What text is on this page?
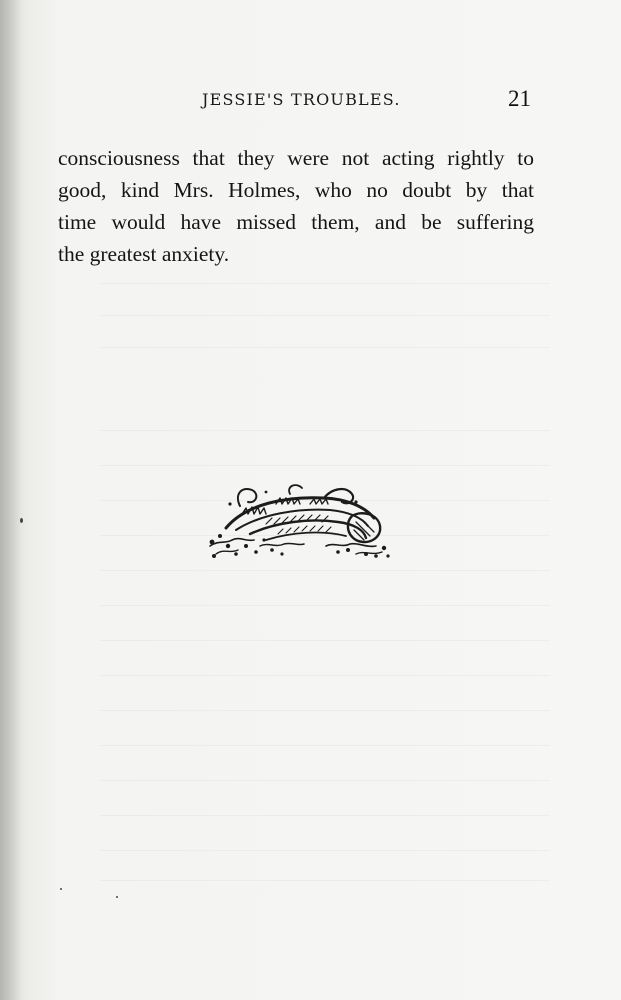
JESSIE'S TROUBLES.	21
consciousness that they were not acting rightly to
good, kind Mrs. Holmes, who no doubt by that
time would have missed them, and be suffering
the greatest anxiety.
